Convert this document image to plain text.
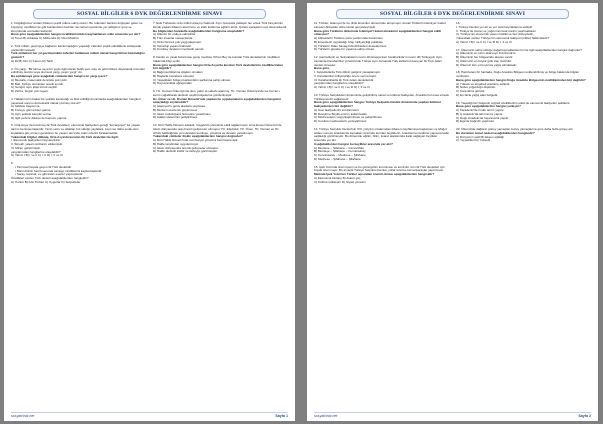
SOSYAL BİLGİLER 6 DYK DEĞERLENDİRME SINAVI

1. Doğduğumuz andan itibaren çeşitli rollere sahip oluruz. Bu rollerden bazıları doğuştan gelen ve büyüyüp, özellikleri ile gibi belirlenirken bazıları da zaman içerisinde yer aldığımız grup ve kurumlarda sonradan kazanılır.

Buna göre aşağıdakilerden hangisi özelliklerimizden kaynaklanan roller arasında yer alır?

A) Torun B) Arkadaş C) Mühendis D) Okul Müdürü

2. Türk milleti, geçmişiye bağlanırı kazanmadığım yaşadığı zaferleri çeşitli etkinliklerle kutlayarak güçlendirmektedir.

Türk milletinin her yıl geçmişindeki zaferleri kutlaması milleti olarak hangi bilinci kazandığını gösterir?

A) Dil B) Din C) Kanun D) Tarih

3. Ön yargı; “Bir kimse veya bir şeyle ilgili olarak belirli şart, olay ve görüntülere dayanarak önceden edinilmiş olumlu veya olumsuz yargı, peşin yargı” dır.

Bu açıklamaya göre aşağıdaki cümlelerden hangisi ön yargı içerir?

A) Mustafa, matematik dersinde çok iyidir.
B) Bali, Türkçe dersinden teselli ayırdır.
C) Songül, aynı kitap kızıdı seçildi.
D) Zehra, bugün çok neşeli.

4. Haklarımızın bakaz bir şekilde kazandığı ve ilkel edildiği durumlarda aşağıdakilerden hangileri yaparsak sorunu demokratik olarak çözmüş oluruz?

A) Şiddete başvurma
B) Konuyu görmezden gelme
C) Aynı şekilde karşılık verme
D) İlgili yerlere dilekçe ile başvuru yapma

5. Orta Asya' da kurulmuş ilk Türk devletleri, ekonomik faaliyetleri gereği “konargöçer” bir yaşam tarzını benimsemişlerdir. Yazın serin ve otlakları bol olduğu yaylalara, kışın ise daha sıcak olan kışlaklara göç etmeyi gerektiren bu yaşam tarzında, kalıcı izlerini bırakamadılar.

Yukarıdaki bilgiler dikkate, Orta Asya'da kurulan ilk Türk devletleri ile ilgili;

I. Ekonomik faaliyetleri hayvancılıktır.
II. Sürekli, yaşam tarzlarını etkilemiştir.
III. Miras' geliştirmiştir.
yargılarından hangilerine ulaşılabilir?
A) Yalnız I B) I ve II C) I, II D) I, II ve III

6.

• Tarımsal hayata geçen ilk Türk devletidir.
• Mani dininin benimsenerek savaşçı özelliklerini kaybetmişlerdir.
• Saray, tapınak, ev gibi kalıcı eserler yapmışlardır.
Özellikleri verilen Türk devleti aşağıdakilerden hangisidir?
A) Hunlar B) Kök Türkler C) Uygurlar D) Selçuklular

7. Eski Türklerde ordu milleti anlayışı hakimdi. Aynı zamanda yaklaşık her erkek Türk bireylerinin küçük yaştan itibaren ata binme ve silah kullanma eğitimi alırdı. Çünkü savaşların eşit ideal askerdi.

Bu bilgilerden hareketle aşağıdakilerden hangisine ulaşılabilir?

A) Ülkenin bir orduya sahiptirler.
B) Tüm insanlar savaşçılardır.
C) Ordu hizmeti çok yaygınlaşmıştır.
D) Teknoloji yaşam hakimdir.
D) Kurultay devleten meclisidir sandır.

8. Devlet ve yasal bulunması geniş mecliste Orhan Bey ile kurulan Türk devletlerinin özellikleri hakkında bilgi verilir.

Buna göre aşağıdakilerden hangisi Orta Asya'da kurulan Türk devletlerinin özelliklerinden biri değildir?

A) Bağımsızlıklarına düşkün olmaları
B) Haşlarla müzakere etmeleri
C) Yaşadıkları bölgeyi karkat ilkim şartlarına sahip olması
D) Hayvancılıkla uğraşmaları

9. Hz. Osman Ödemiş'inde ilere yakın at sabahı atanmış, Hz. Osman Ödemiş'inde ise Kur'an-ı kerim çoğaltılarak devletin çeşitli bölgelerine gönderilmiştir.

Hz. Ömer ve Hz. Osman Dönemi'nde yapılan bu uygulamaların aşağıdakilerden hangisini amaçladığı söylenebilir?

A) İslamiyet'in geniş alanlara yayılması
B) Merkezi otoritenin güçlenmesi
C) İslam topluluğuna hizmetine yaratılması
D) Adalet sisteminin geliştirilmesi

10. Dört Halife Dönemi adaletli, hoşgörülü yönetimle etkili sağlanmıştır. Ama Emevi Dönemi'nde İslam dünyasında pek önemli gelişmeler olmuştur. Hz. Ebubekir, Hz. Ömer, Hz. Osman ve Hz. Ali'nin halifeliğinde yeni devletin kuruluşu, yönetimi ve devamı yaratılmıştır.

Yukarıdaki cümleler ilişkin aşağıdakilerden hangisi doğrudur?

A) Dört Halife Dönemi'nde cumhuriyet yönetimi benimsenmiştir.
B) Halife tarafından uygulanmıştır.
C) İslam dünyasında önemli gelişmeler olmuştur.
D) Halife devletin kültür ve ilerleyişi görülmüştür.
sosyalciniz.net	Sayfa 1
SOSYAL BİLGİLER 6 DYK DEĞERLENDİRME SINAVI

11. Türkler, İslamiyet ile bu dinle Emeviler döneminde tanışmıştır. Ancak Türklerin İslamiyet'i kabul etmeleri Abbasiler döneminde gerçekleşmiştir.

Buna göre Türklerin dinlerinde İslamiyet'i kabul etmelerini aşağıdakilerden hangisi etkili olmuştur?

A) Abbasilerin Türklere para yardımında bulunması
B) Emevilerin uyguladığı Arap milliyetçiliği politikası
C) Türklerin Talas Savaşı'nda Abbasileri desteklemesi
D) Türklerin göçebe bir yaşama sahip olması

12. Gaznelilerin ve Selçukluların resmi dili Arapça iken Karahanlılar'ın resmi dili Türkçeydi. Aynı zamanda Karahanlılar yönetiminde Türkçe aynı zamanda Türk kültürünü koruyan ilk Türk-İslam devleti olmuştur.

Buna göre,

I. Selçuklularda Türk dilinin gelişimi yavaşlamıştır.
II. Karahanlılar milliyetçiliğe önem vermemiştir.
III. Karahanlılarda ilk Türk-İslam devletleridir.
yargılarından hangilerine ulaşılabilir?
A) Yalnız I B) I ve II C) I ve III D) I, II ve III

13. Türkiye Selçukluları döneminde geliştirilmiş sanat ve kültürel faaliyetler, Anadolu'nun kısa sürede Türkleşmesini sağlamıştır.

Buna göre aşağıdakilerden hangisi Türkiye Selçuklu Devleti döneminde yapılan kültürel faaliyetlerden biri değildir?

A) İmar faaliyetlerini sürdürmeleri
B) Devşirme Beylik sınırını kullanmaları
C) Medreselerin yaygınlaştırılması ve geliştirilmesi
D) Kurulan medreselerin yerleştirilmesi

14. Türkiye Selçuklu Devleti'nin XIII. yüzyılın ortalarından itibaren zayıflamaya başlaması ve Moğol istilası sonucu Anadolu'da toprakları üzerinde kurulan beyliklerin, Anadolu'nun kültürel yapısına katkı sağladığı görülmüştür. Bu dönemde eğitim, bilim, ticaret alanlarında katkı sağlayan beylikler arasında yer alır.

Aşağıdakilerden hangisi bu beylikler arasında yer alır?

A) Mentese – Şifahane – Cenevizliler
B) Menteşe – Şifahane – Kervansaray
C) Kervansaray – Medrese – Şifahane
D) Medrese – Şifahane – Şifahane

15. İpek Yolu'nda ticari önemi ve bu güzergahın korunması ve kontrolü, tüm ilk Türk devletleri için büyük önem taşır. Bu amaçla Türkiye Selçuklu Devleti, yollar üzerine kervansaraylar yaptırmıştır.

Metinde İpek Yolu'nun Türkler açısından önemli olması aşağıdakilerden hangisidir?

A) Ekonomik kazanç B) Askeri güç
C) Kültürel etkileşim D) Siyasi yönetim

16.

I. Türkiye Devleti yer alt ve yer üstü kaynaklarına sahiptir.
II. Türkiye'de ticaret ve yoğun tarımsal üretim yapılmaktadır.
III. Türkiye'nin ekonomik yapısı nitelikli ve ileri düzeydedir.
Yukarıdaki verilen Türkiye'nin ekonomik faaliyeti (millisi) hakkındadır?
A) Yalnız I B) I ve II C) I ve III D) I, II ve III

17. Ülkemizin sahip olduğu doğal kaynaklardan biri ile ilgili aşağıdakilerden hangisi doğrudur?

A) Ülkemizin en uzun akarsuyu Kızılırmak'tır.
B) Ülkemizin her bölgesinde akarsu vardır.
C) Ülkemizin en büyük gölü Van Gölü'dür.
D) Ülkemiz tüm yıl boyunca yağış almaktadır.

18. Hazırlanan bir haritada, Doğu Anadolu Bölgesi renklendirilmiş ve bölge hakkında bilgiler verilmiştir.

Buna göre aşağıdakilerden hangisi Doğu Anadolu Bölgesinin özelliklerinden biri değildir?

A) Yüksek ve engebeli arazilere sahiptir.
B) Nüfus yoğunluğu düşüktür.
C) Kara iklimi görülür.
D) En fazla yağış alan bölgedir.

19. Yaşadığımız bölgenin coğrafi özelliklerinin etkisi ile ekonomik faaliyetler şekillenir.

Buna göre aşağıdakilerden hangisi yanlıştır?

A) Karadeniz'de fındık tarımı yapılır.
B) İç Anadolu'da tahıl tarımı yapılır.
C) Doğu Anadolu'da hayvancılık yapılır.
D) Ege'de bağcılık yapılmaz.

20. Ülkemizde dağların güney yamaçları kuzey yamaçlarına göre daha fazla güneş alır.

Bu durumun temel nedeni aşağıdakilerden hangisidir?

A) Dünya'nın şekli B) Eksen eğikliği
C) Yerşekilleri D) Yükselti
sosyalciniz.net	Sayfa 2
